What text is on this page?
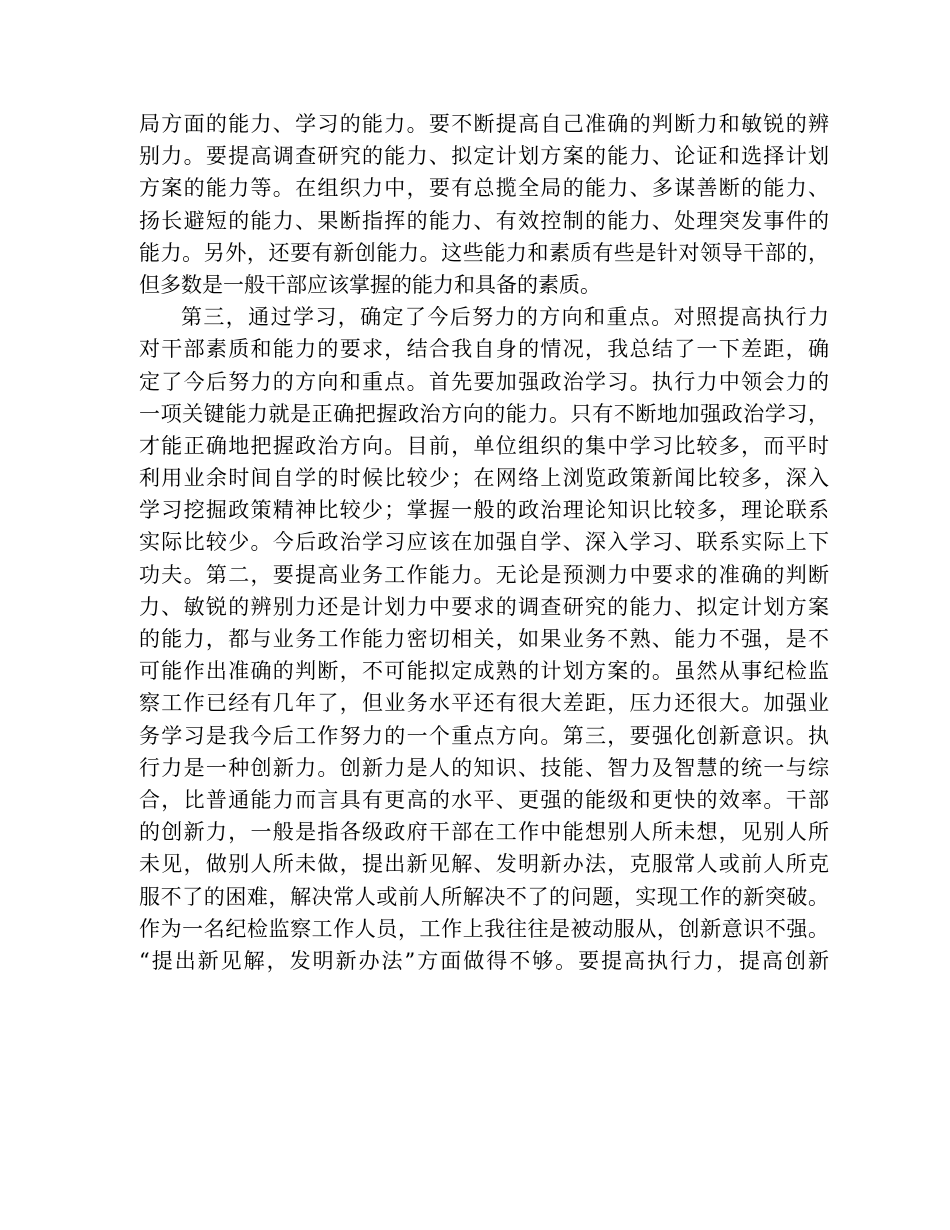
局方面的能力、学习的能力。要不断提高自己准确的判断力和敏锐的辨
别力。要提高调查研究的能力、拟定计划方案的能力、论证和选择计划
方案的能力等。在组织力中，要有总揽全局的能力、多谋善断的能力、
扬长避短的能力、果断指挥的能力、有效控制的能力、处理突发事件的
能力。另外，还要有新创能力。这些能力和素质有些是针对领导干部的，
但多数是一般干部应该掌握的能力和具备的素质。
第三，通过学习，确定了今后努力的方向和重点。对照提高执行力
对干部素质和能力的要求，结合我自身的情况，我总结了一下差距，确
定了今后努力的方向和重点。首先要加强政治学习。执行力中领会力的
一项关键能力就是正确把握政治方向的能力。只有不断地加强政治学习，
才能正确地把握政治方向。目前，单位组织的集中学习比较多，而平时
利用业余时间自学的时候比较少；在网络上浏览政策新闻比较多，深入
学习挖掘政策精神比较少；掌握一般的政治理论知识比较多，理论联系
实际比较少。今后政治学习应该在加强自学、深入学习、联系实际上下
功夫。第二，要提高业务工作能力。无论是预测力中要求的准确的判断
力、敏锐的辨别力还是计划力中要求的调查研究的能力、拟定计划方案
的能力，都与业务工作能力密切相关，如果业务不熟、能力不强，是不
可能作出准确的判断，不可能拟定成熟的计划方案的。虽然从事纪检监
察工作已经有几年了，但业务水平还有很大差距，压力还很大。加强业
务学习是我今后工作努力的一个重点方向。第三，要强化创新意识。执
行力是一种创新力。创新力是人的知识、技能、智力及智慧的统一与综
合，比普通能力而言具有更高的水平、更强的能级和更快的效率。干部
的创新力，一般是指各级政府干部在工作中能想别人所未想，见别人所
未见，做别人所未做，提出新见解、发明新办法，克服常人或前人所克
服不了的困难，解决常人或前人所解决不了的问题，实现工作的新突破。
作为一名纪检监察工作人员，工作上我往往是被动服从，创新意识不强。
“提出新见解，发明新办法”方面做得不够。要提高执行力，提高创新
